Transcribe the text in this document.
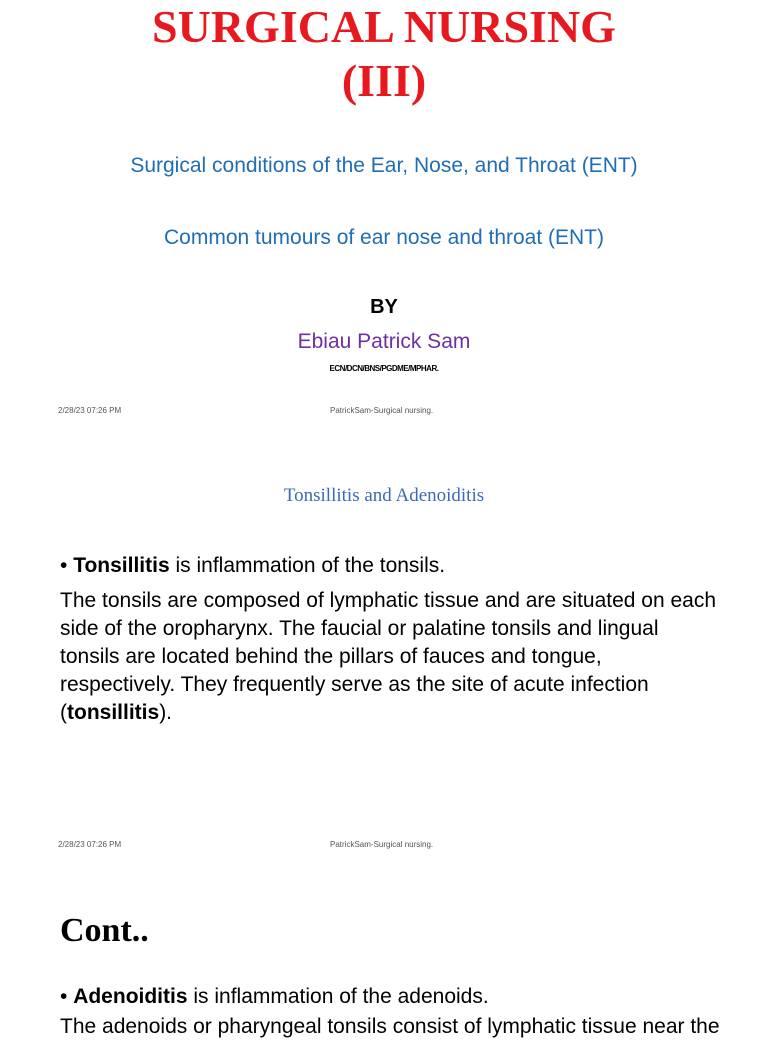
SURGICAL NURSING
(III)
Surgical conditions of the Ear, Nose, and Throat (ENT)
Common tumours of ear nose and throat (ENT)
BY
Ebiau Patrick Sam
ECN/DCN/BNS/PGDME/MPHAR.
2/28/23 07:26 PM	PatrickSam-Surgical nursing.
Tonsillitis and Adenoiditis
• Tonsillitis is inflammation of the tonsils.
The tonsils are composed of lymphatic tissue and are situated on each side of the oropharynx. The faucial or palatine tonsils and lingual tonsils are located behind the pillars of fauces and tongue, respectively. They frequently serve as the site of acute infection (tonsillitis).
2/28/23 07:26 PM	PatrickSam-Surgical nursing.
Cont..
• Adenoiditis is inflammation of the adenoids.
The adenoids or pharyngeal tonsils consist of lymphatic tissue near the
